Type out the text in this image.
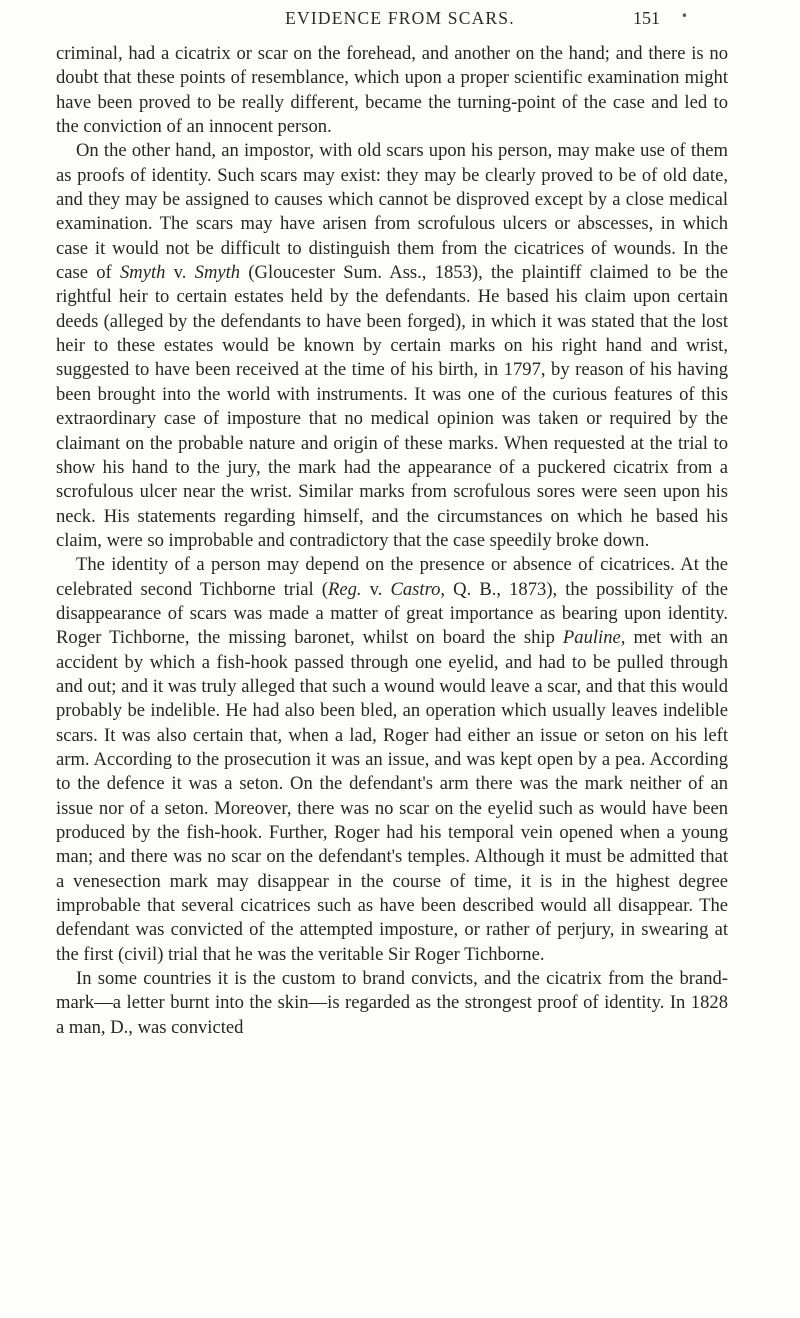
EVIDENCE FROM SCARS.	151 •

criminal, had a cicatrix or scar on the forehead, and another on the hand; and there is no doubt that these points of resemblance, which upon a proper scientific examination might have been proved to be really different, became the turning-point of the case and led to the conviction of an innocent person.

On the other hand, an impostor, with old scars upon his person, may make use of them as proofs of identity. Such scars may exist: they may be clearly proved to be of old date, and they may be assigned to causes which cannot be disproved except by a close medical examination. The scars may have arisen from scrofulous ulcers or abscesses, in which case it would not be difficult to distinguish them from the cicatrices of wounds. In the case of Smyth v. Smyth (Gloucester Sum. Ass., 1853), the plaintiff claimed to be the rightful heir to certain estates held by the defendants. He based his claim upon certain deeds (alleged by the defendants to have been forged), in which it was stated that the lost heir to these estates would be known by certain marks on his right hand and wrist, suggested to have been received at the time of his birth, in 1797, by reason of his having been brought into the world with instruments. It was one of the curious features of this extraordinary case of imposture that no medical opinion was taken or required by the claimant on the probable nature and origin of these marks. When requested at the trial to show his hand to the jury, the mark had the appearance of a puckered cicatrix from a scrofulous ulcer near the wrist. Similar marks from scrofulous sores were seen upon his neck. His statements regarding himself, and the circumstances on which he based his claim, were so improbable and contradictory that the case speedily broke down.

The identity of a person may depend on the presence or absence of cicatrices. At the celebrated second Tichborne trial (Reg. v. Castro, Q. B., 1873), the possibility of the disappearance of scars was made a matter of great importance as bearing upon identity. Roger Tichborne, the missing baronet, whilst on board the ship Pauline, met with an accident by which a fish-hook passed through one eyelid, and had to be pulled through and out; and it was truly alleged that such a wound would leave a scar, and that this would probably be indelible. He had also been bled, an operation which usually leaves indelible scars. It was also certain that, when a lad, Roger had either an issue or seton on his left arm. According to the prosecution it was an issue, and was kept open by a pea. According to the defence it was a seton. On the defendant's arm there was the mark neither of an issue nor of a seton. Moreover, there was no scar on the eyelid such as would have been produced by the fish-hook. Further, Roger had his temporal vein opened when a young man; and there was no scar on the defendant's temples. Although it must be admitted that a venesection mark may disappear in the course of time, it is in the highest degree improbable that several cicatrices such as have been described would all disappear. The defendant was convicted of the attempted imposture, or rather of perjury, in swearing at the first (civil) trial that he was the veritable Sir Roger Tichborne.

In some countries it is the custom to brand convicts, and the cicatrix from the brand-mark—a letter burnt into the skin—is regarded as the strongest proof of identity. In 1828 a man, D., was convicted
